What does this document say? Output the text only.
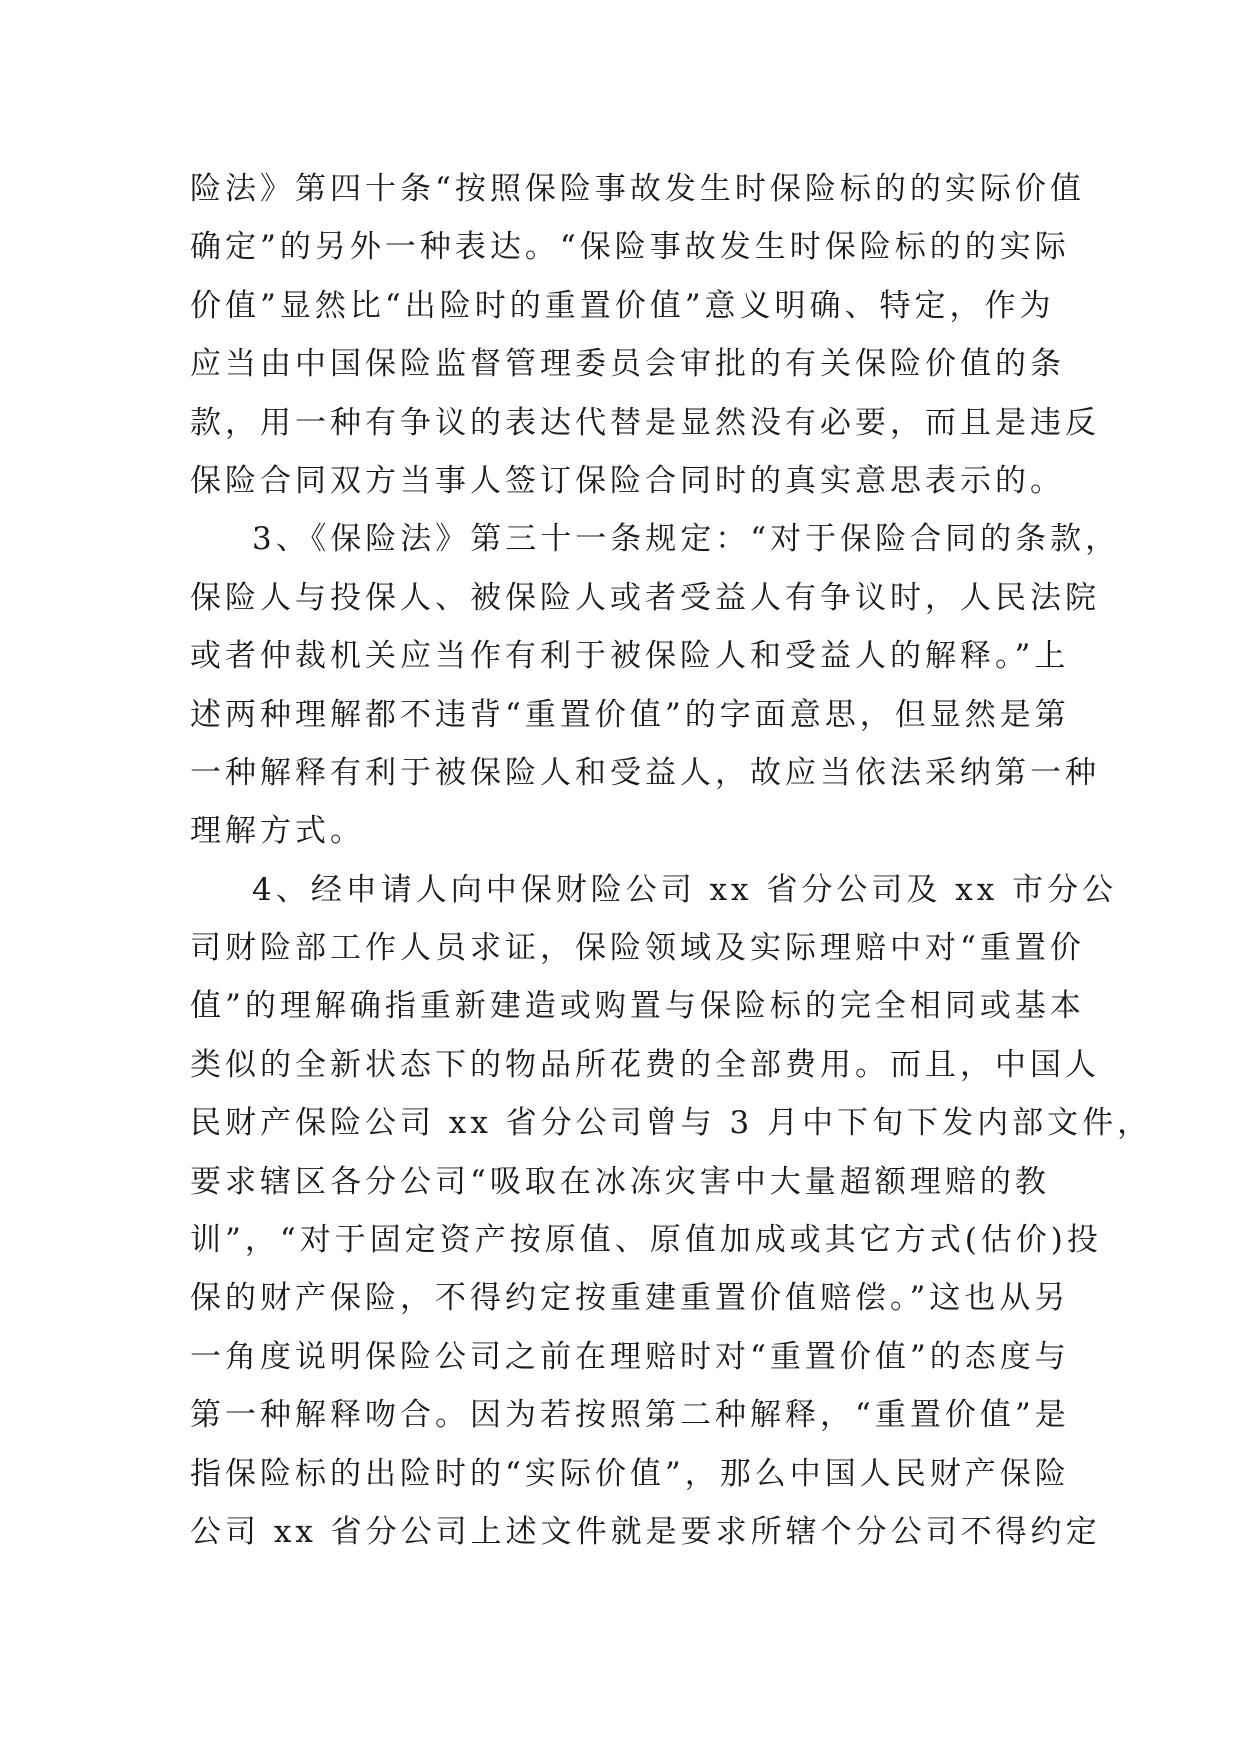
险法》第四十条“按照保险事故发生时保险标的的实际价值
确定”的另外一种表达。“保险事故发生时保险标的的实际
价值”显然比“出险时的重置价值”意义明确、特定，作为
应当由中国保险监督管理委员会审批的有关保险价值的条
款，用一种有争议的表达代替是显然没有必要，而且是违反
保险合同双方当事人签订保险合同时的真实意思表示的。
3、《保险法》第三十一条规定：“对于保险合同的条款，
保险人与投保人、被保险人或者受益人有争议时，人民法院
或者仲裁机关应当作有利于被保险人和受益人的解释。”上
述两种理解都不违背“重置价值”的字面意思，但显然是第
一种解释有利于被保险人和受益人，故应当依法采纳第一种
理解方式。
4、经申请人向中保财险公司 xx 省分公司及 xx 市分公
司财险部工作人员求证，保险领域及实际理赔中对“重置价
值”的理解确指重新建造或购置与保险标的完全相同或基本
类似的全新状态下的物品所花费的全部费用。而且，中国人
民财产保险公司 xx 省分公司曾与 3 月中下旬下发内部文件，
要求辖区各分公司“吸取在冰冻灾害中大量超额理赔的教
训”，“对于固定资产按原值、原值加成或其它方式(估价)投
保的财产保险，不得约定按重建重置价值赔偿。”这也从另
一角度说明保险公司之前在理赔时对“重置价值”的态度与
第一种解释吻合。因为若按照第二种解释，“重置价值”是
指保险标的出险时的“实际价值”，那么中国人民财产保险
公司 xx 省分公司上述文件就是要求所辖个分公司不得约定
